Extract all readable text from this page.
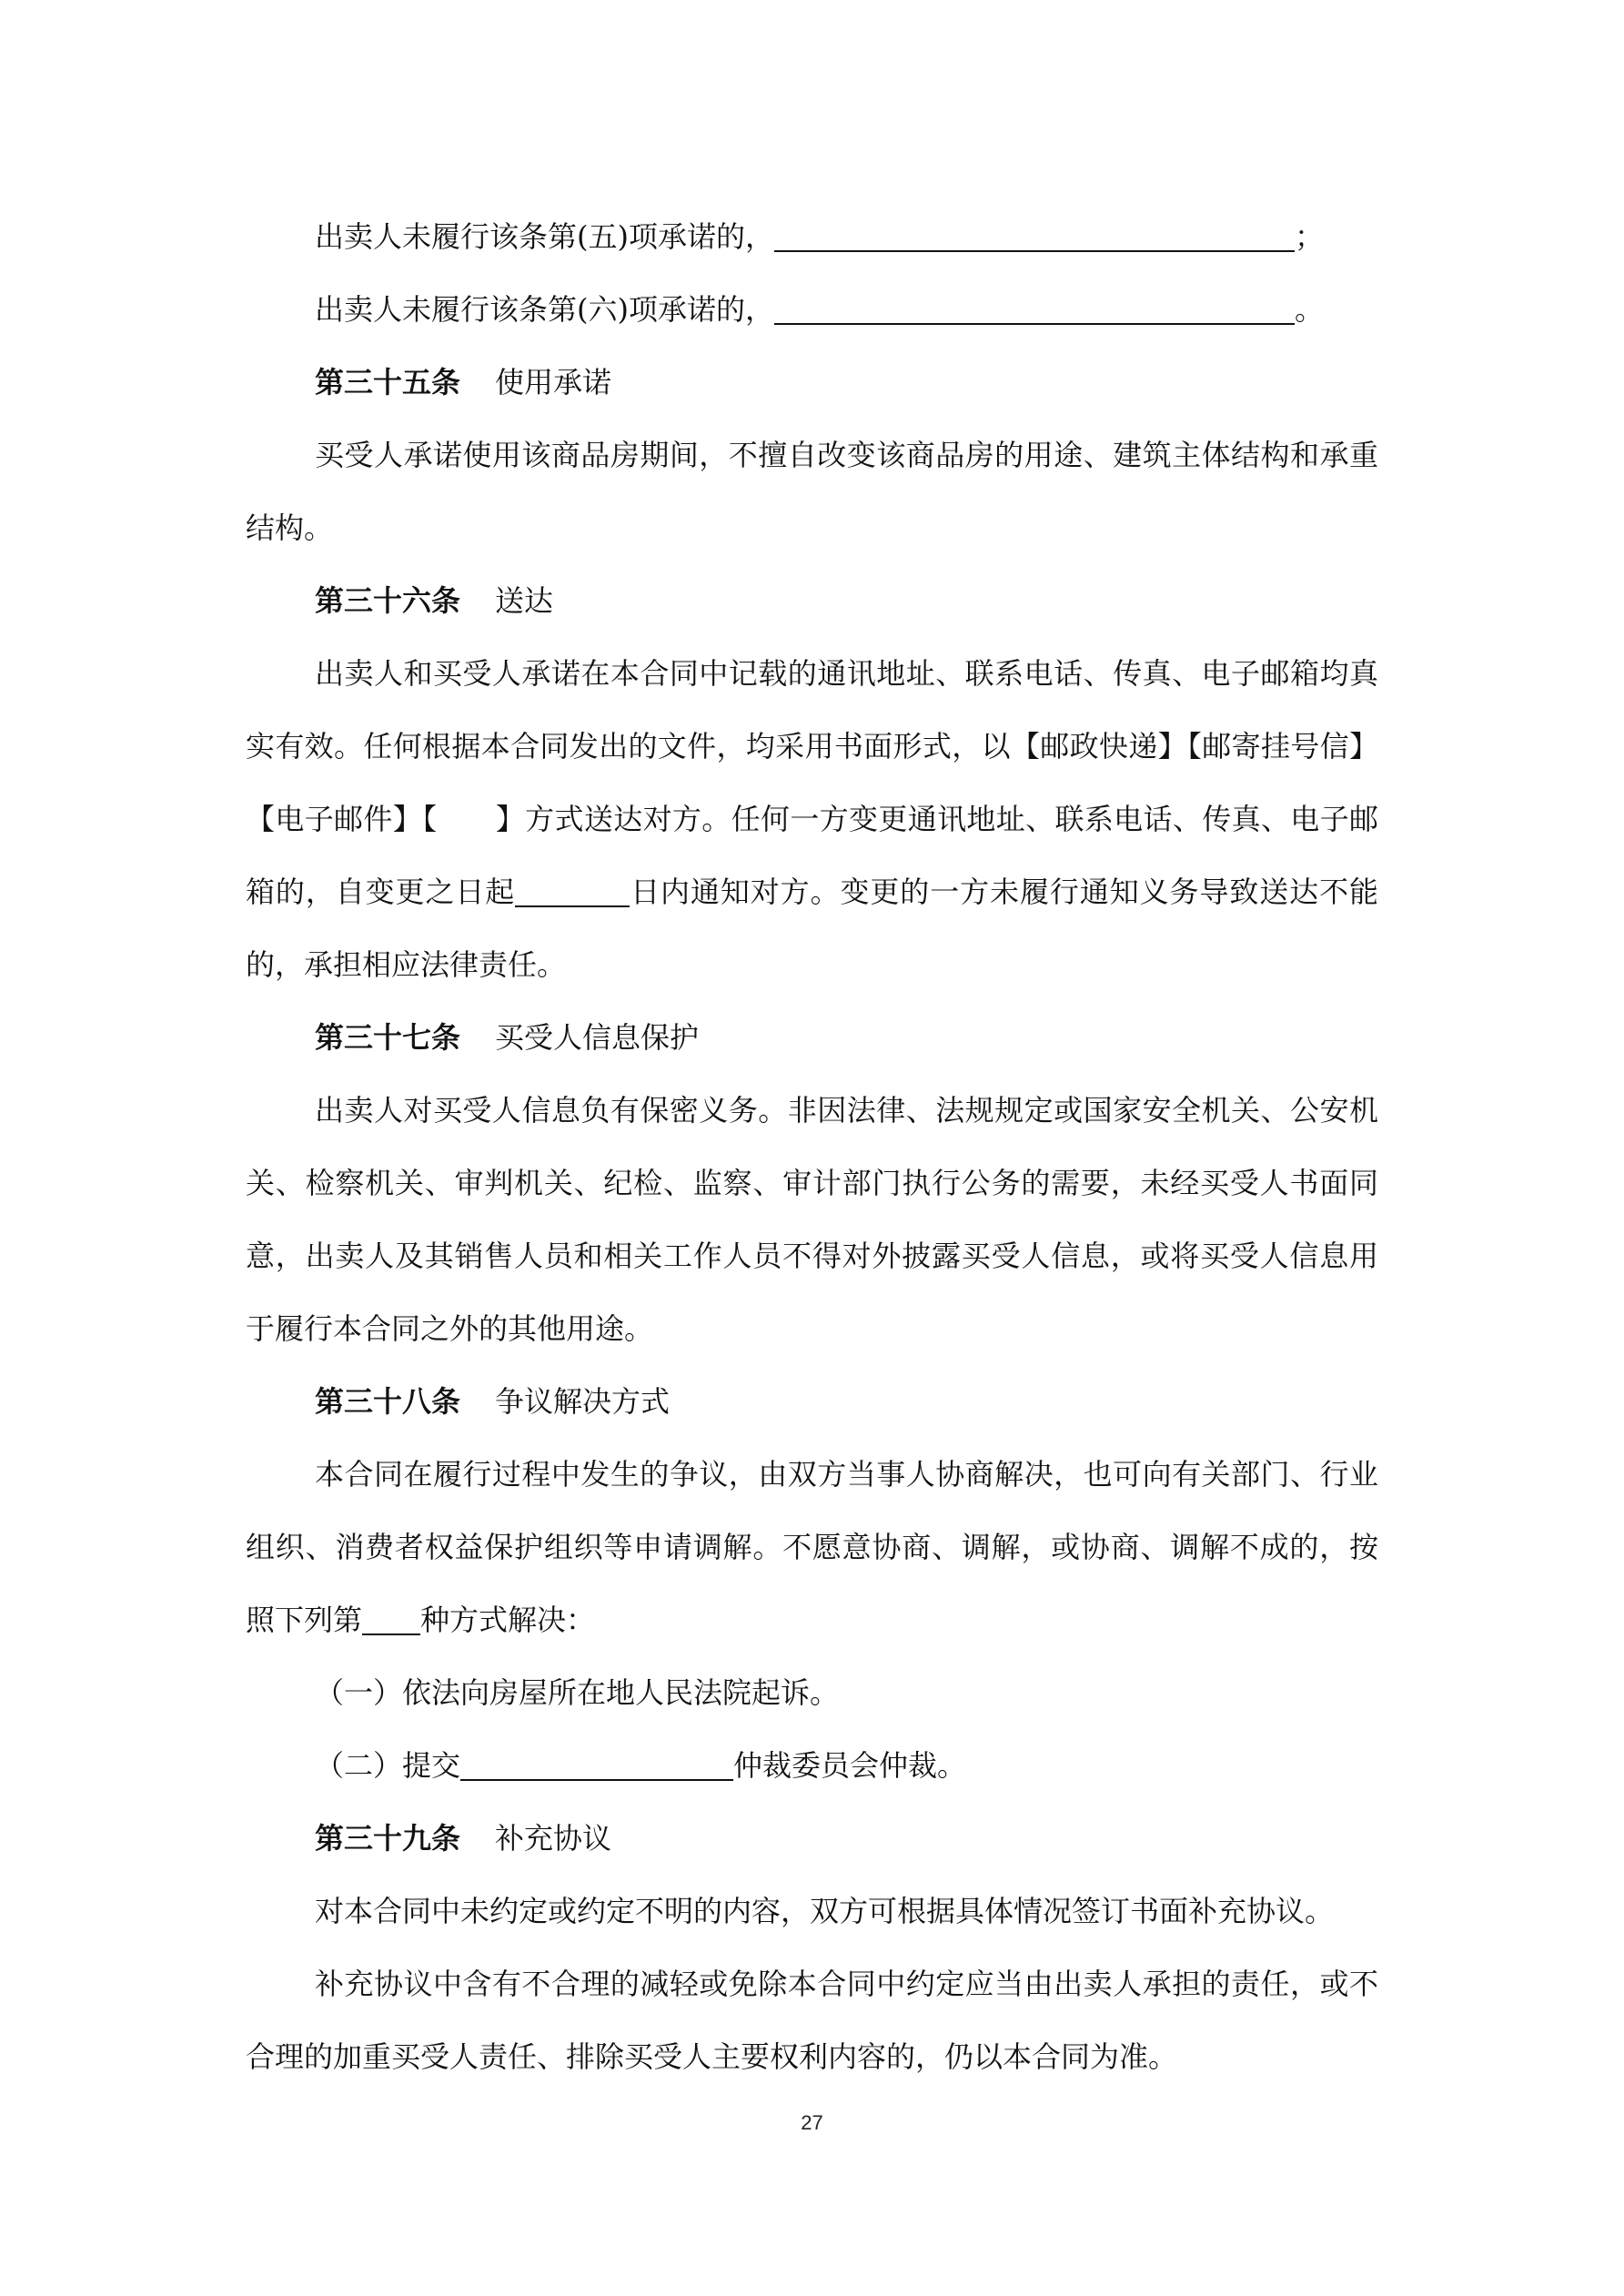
出卖人未履行该条第(五)项承诺的，	；
出卖人未履行该条第(六)项承诺的，	。
第三十五条 使用承诺

买受人承诺使用该商品房期间，不擅自改变该商品房的用途、建筑主体结构和承重结构。

第三十六条 送达

出卖人和买受人承诺在本合同中记载的通讯地址、联系电话、传真、电子邮箱均真实有效。任何根据本合同发出的文件，均采用书面形式，以【邮政快递】【邮寄挂号信】【电子邮件】【 】方式送达对方。任何一方变更通讯地址、联系电话、传真、电子邮箱的，自变更之日起	日内通知对方。变更的一方未履行通知义务导致送达不能的，承担相应法律责任。

第三十七条 买受人信息保护

出卖人对买受人信息负有保密义务。非因法律、法规规定或国家安全机关、公安机关、检察机关、审判机关、纪检、监察、审计部门执行公务的需要，未经买受人书面同意，出卖人及其销售人员和相关工作人员不得对外披露买受人信息，或将买受人信息用于履行本合同之外的其他用途。

第三十八条 争议解决方式

本合同在履行过程中发生的争议，由双方当事人协商解决，也可向有关部门、行业组织、消费者权益保护组织等申请调解。不愿意协商、调解，或协商、调解不成的，按照下列第 种方式解决：

（一）依法向房屋所在地人民法院起诉。
（二）提交	仲裁委员会仲裁。
第三十九条 补充协议

对本合同中未约定或约定不明的内容，双方可根据具体情况签订书面补充协议。

补充协议中含有不合理的减轻或免除本合同中约定应当由出卖人承担的责任，或不合理的加重买受人责任、排除买受人主要权利内容的，仍以本合同为准。

27
